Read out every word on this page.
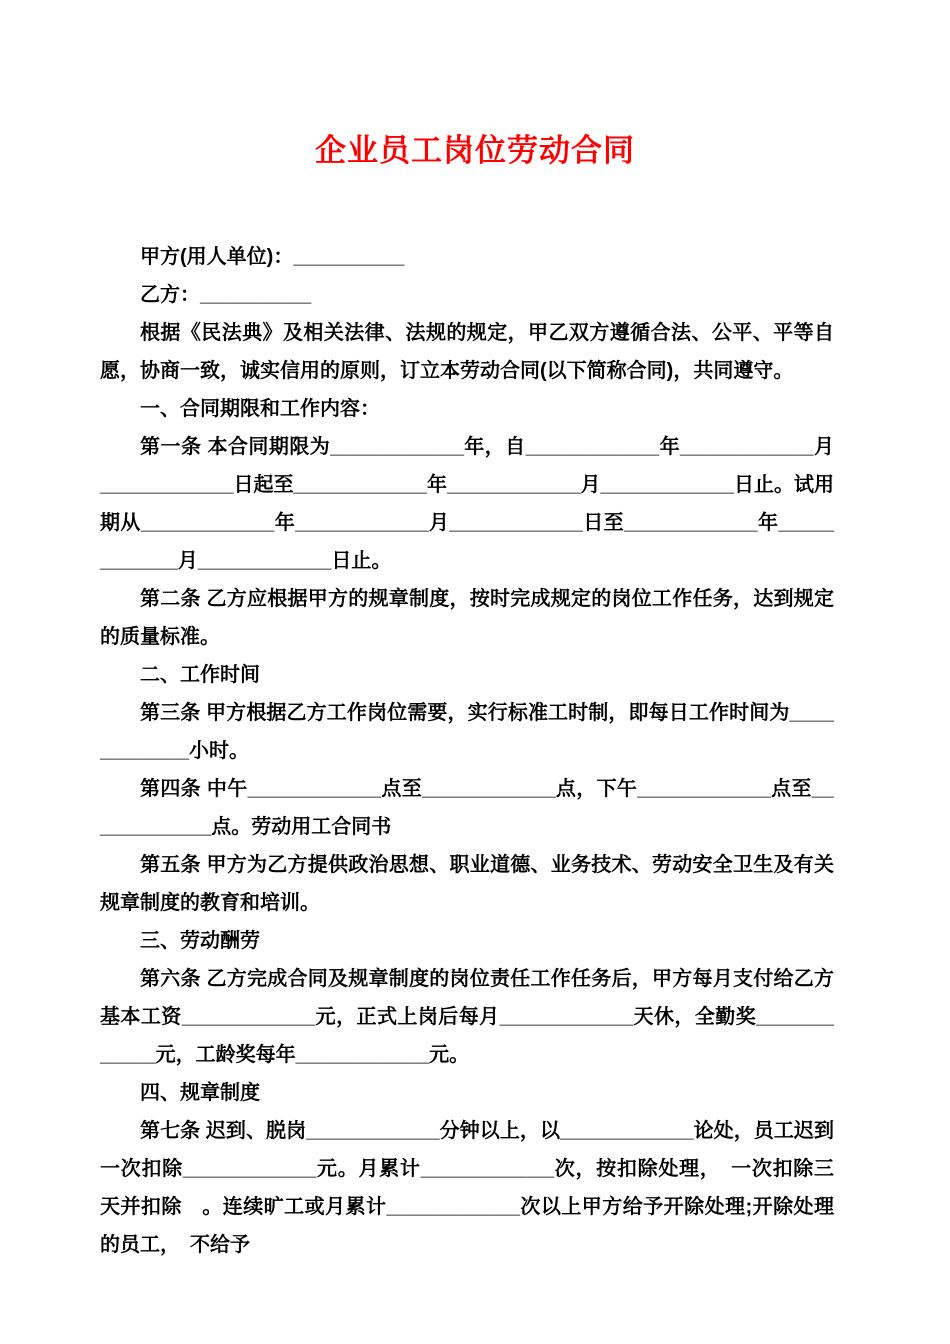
企业员工岗位劳动合同

甲方(用人单位)：__________

乙方：__________

根据《民法典》及相关法律、法规的规定，甲乙双方遵循合法、公平、平等自愿，协商一致，诚实信用的原则，订立本劳动合同(以下简称合同)，共同遵守。

一、合同期限和工作内容：

第一条 本合同期限为____________年，自____________年____________月____________日起至____________年____________月____________日止。试用期从____________年____________月____________日至____________年____________月____________日止。

第二条 乙方应根据甲方的规章制度，按时完成规定的岗位工作任务，达到规定的质量标准。

二、工作时间

第三条 甲方根据乙方工作岗位需要，实行标准工时制，即每日工作时间为____________小时。

第四条 中午____________点至____________点，下午____________点至____________点。劳动用工合同书

第五条 甲方为乙方提供政治思想、职业道德、业务技术、劳动安全卫生及有关规章制度的教育和培训。

三、劳动酬劳

第六条 乙方完成合同及规章制度的岗位责任工作任务后，甲方每月支付给乙方基本工资____________元，正式上岗后每月____________天休，全勤奖____________元，工龄奖每年____________元。

四、规章制度

第七条 迟到、脱岗____________分钟以上，以____________论处，员工迟到一次扣除____________元。月累计____________次，按扣除处理，　一次扣除三天并扣除　。连续旷工或月累计____________次以上甲方给予开除处理;开除处理的员工，　不给予
